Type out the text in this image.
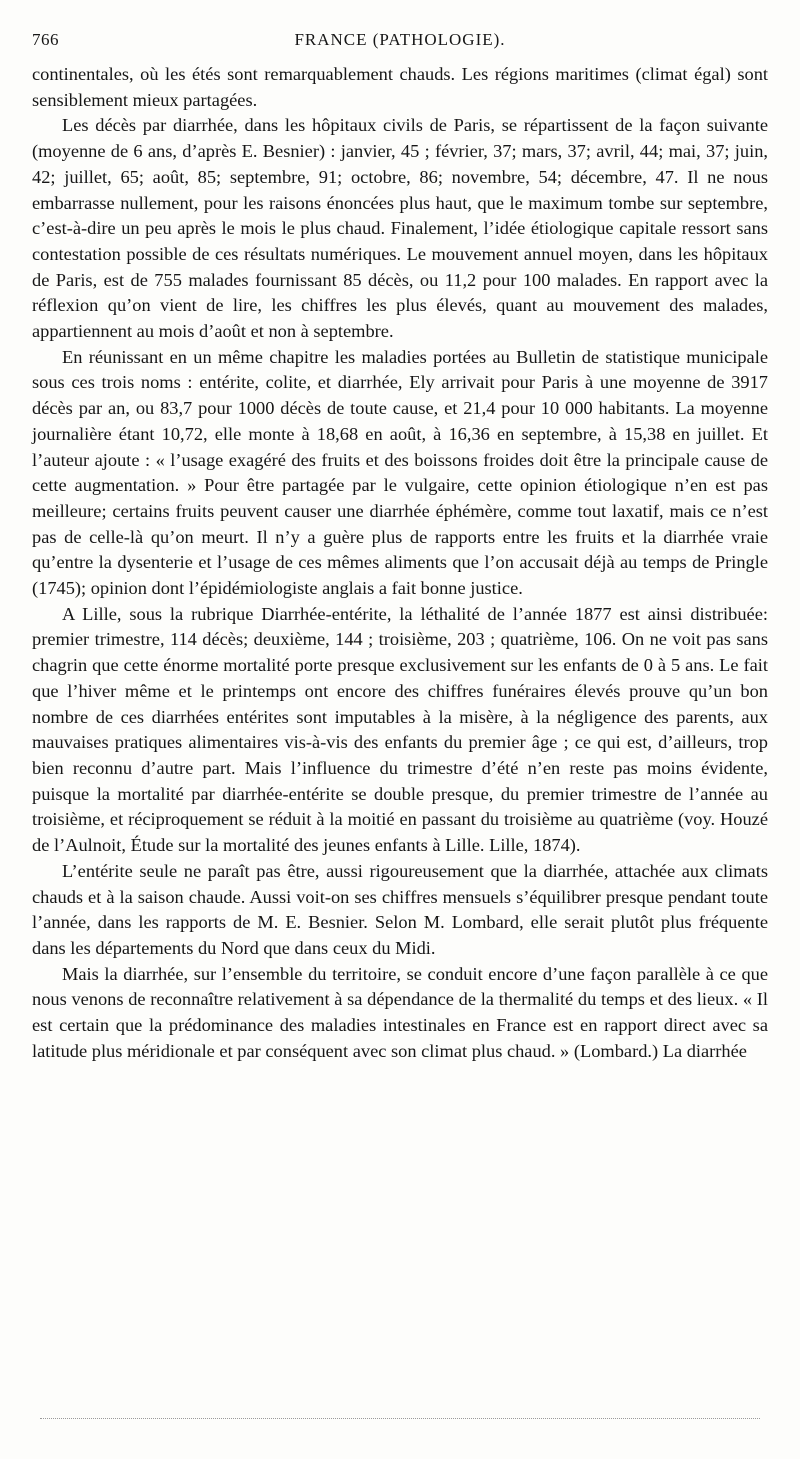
766	FRANCE (PATHOLOGIE).

continentales, où les étés sont remarquablement chauds. Les régions maritimes (climat égal) sont sensiblement mieux partagées.

Les décès par diarrhée, dans les hôpitaux civils de Paris, se répartissent de la façon suivante (moyenne de 6 ans, d’après E. Besnier) : janvier, 45 ; février, 37; mars, 37; avril, 44; mai, 37; juin, 42; juillet, 65; août, 85; septembre, 91; octobre, 86; novembre, 54; décembre, 47. Il ne nous embarrasse nullement, pour les raisons énoncées plus haut, que le maximum tombe sur septembre, c’est-à-dire un peu après le mois le plus chaud. Finalement, l’idée étiologique capitale ressort sans contestation possible de ces résultats numériques. Le mouvement annuel moyen, dans les hôpitaux de Paris, est de 755 malades fournissant 85 décès, ou 11,2 pour 100 malades. En rapport avec la réflexion qu’on vient de lire, les chiffres les plus élevés, quant au mouvement des malades, appartiennent au mois d’août et non à septembre.

En réunissant en un même chapitre les maladies portées au Bulletin de statistique municipale sous ces trois noms : entérite, colite, et diarrhée, Ely arrivait pour Paris à une moyenne de 3917 décès par an, ou 83,7 pour 1000 décès de toute cause, et 21,4 pour 10 000 habitants. La moyenne journalière étant 10,72, elle monte à 18,68 en août, à 16,36 en septembre, à 15,38 en juillet. Et l’auteur ajoute : « l’usage exagéré des fruits et des boissons froides doit être la principale cause de cette augmentation. » Pour être partagée par le vulgaire, cette opinion étiologique n’en est pas meilleure; certains fruits peuvent causer une diarrhée éphémère, comme tout laxatif, mais ce n’est pas de celle-là qu’on meurt. Il n’y a guère plus de rapports entre les fruits et la diarrhée vraie qu’entre la dysenterie et l’usage de ces mêmes aliments que l’on accusait déjà au temps de Pringle (1745); opinion dont l’épidémiologiste anglais a fait bonne justice.

A Lille, sous la rubrique Diarrhée-entérite, la léthalité de l’année 1877 est ainsi distribuée: premier trimestre, 114 décès; deuxième, 144 ; troisième, 203 ; quatrième, 106. On ne voit pas sans chagrin que cette énorme mortalité porte presque exclusivement sur les enfants de 0 à 5 ans. Le fait que l’hiver même et le printemps ont encore des chiffres funéraires élevés prouve qu’un bon nombre de ces diarrhées entérites sont imputables à la misère, à la négligence des parents, aux mauvaises pratiques alimentaires vis-à-vis des enfants du premier âge ; ce qui est, d’ailleurs, trop bien reconnu d’autre part. Mais l’influence du trimestre d’été n’en reste pas moins évidente, puisque la mortalité par diarrhée-entérite se double presque, du premier trimestre de l’année au troisième, et réciproquement se réduit à la moitié en passant du troisième au quatrième (voy. Houzé de l’Aulnoit, Étude sur la mortalité des jeunes enfants à Lille. Lille, 1874).

L’entérite seule ne paraît pas être, aussi rigoureusement que la diarrhée, attachée aux climats chauds et à la saison chaude. Aussi voit-on ses chiffres mensuels s’équilibrer presque pendant toute l’année, dans les rapports de M. E. Besnier. Selon M. Lombard, elle serait plutôt plus fréquente dans les départements du Nord que dans ceux du Midi.

Mais la diarrhée, sur l’ensemble du territoire, se conduit encore d’une façon parallèle à ce que nous venons de reconnaître relativement à sa dépendance de la thermalité du temps et des lieux. « Il est certain que la prédominance des maladies intestinales en France est en rapport direct avec sa latitude plus méridionale et par conséquent avec son climat plus chaud. » (Lombard.) La diarrhée
